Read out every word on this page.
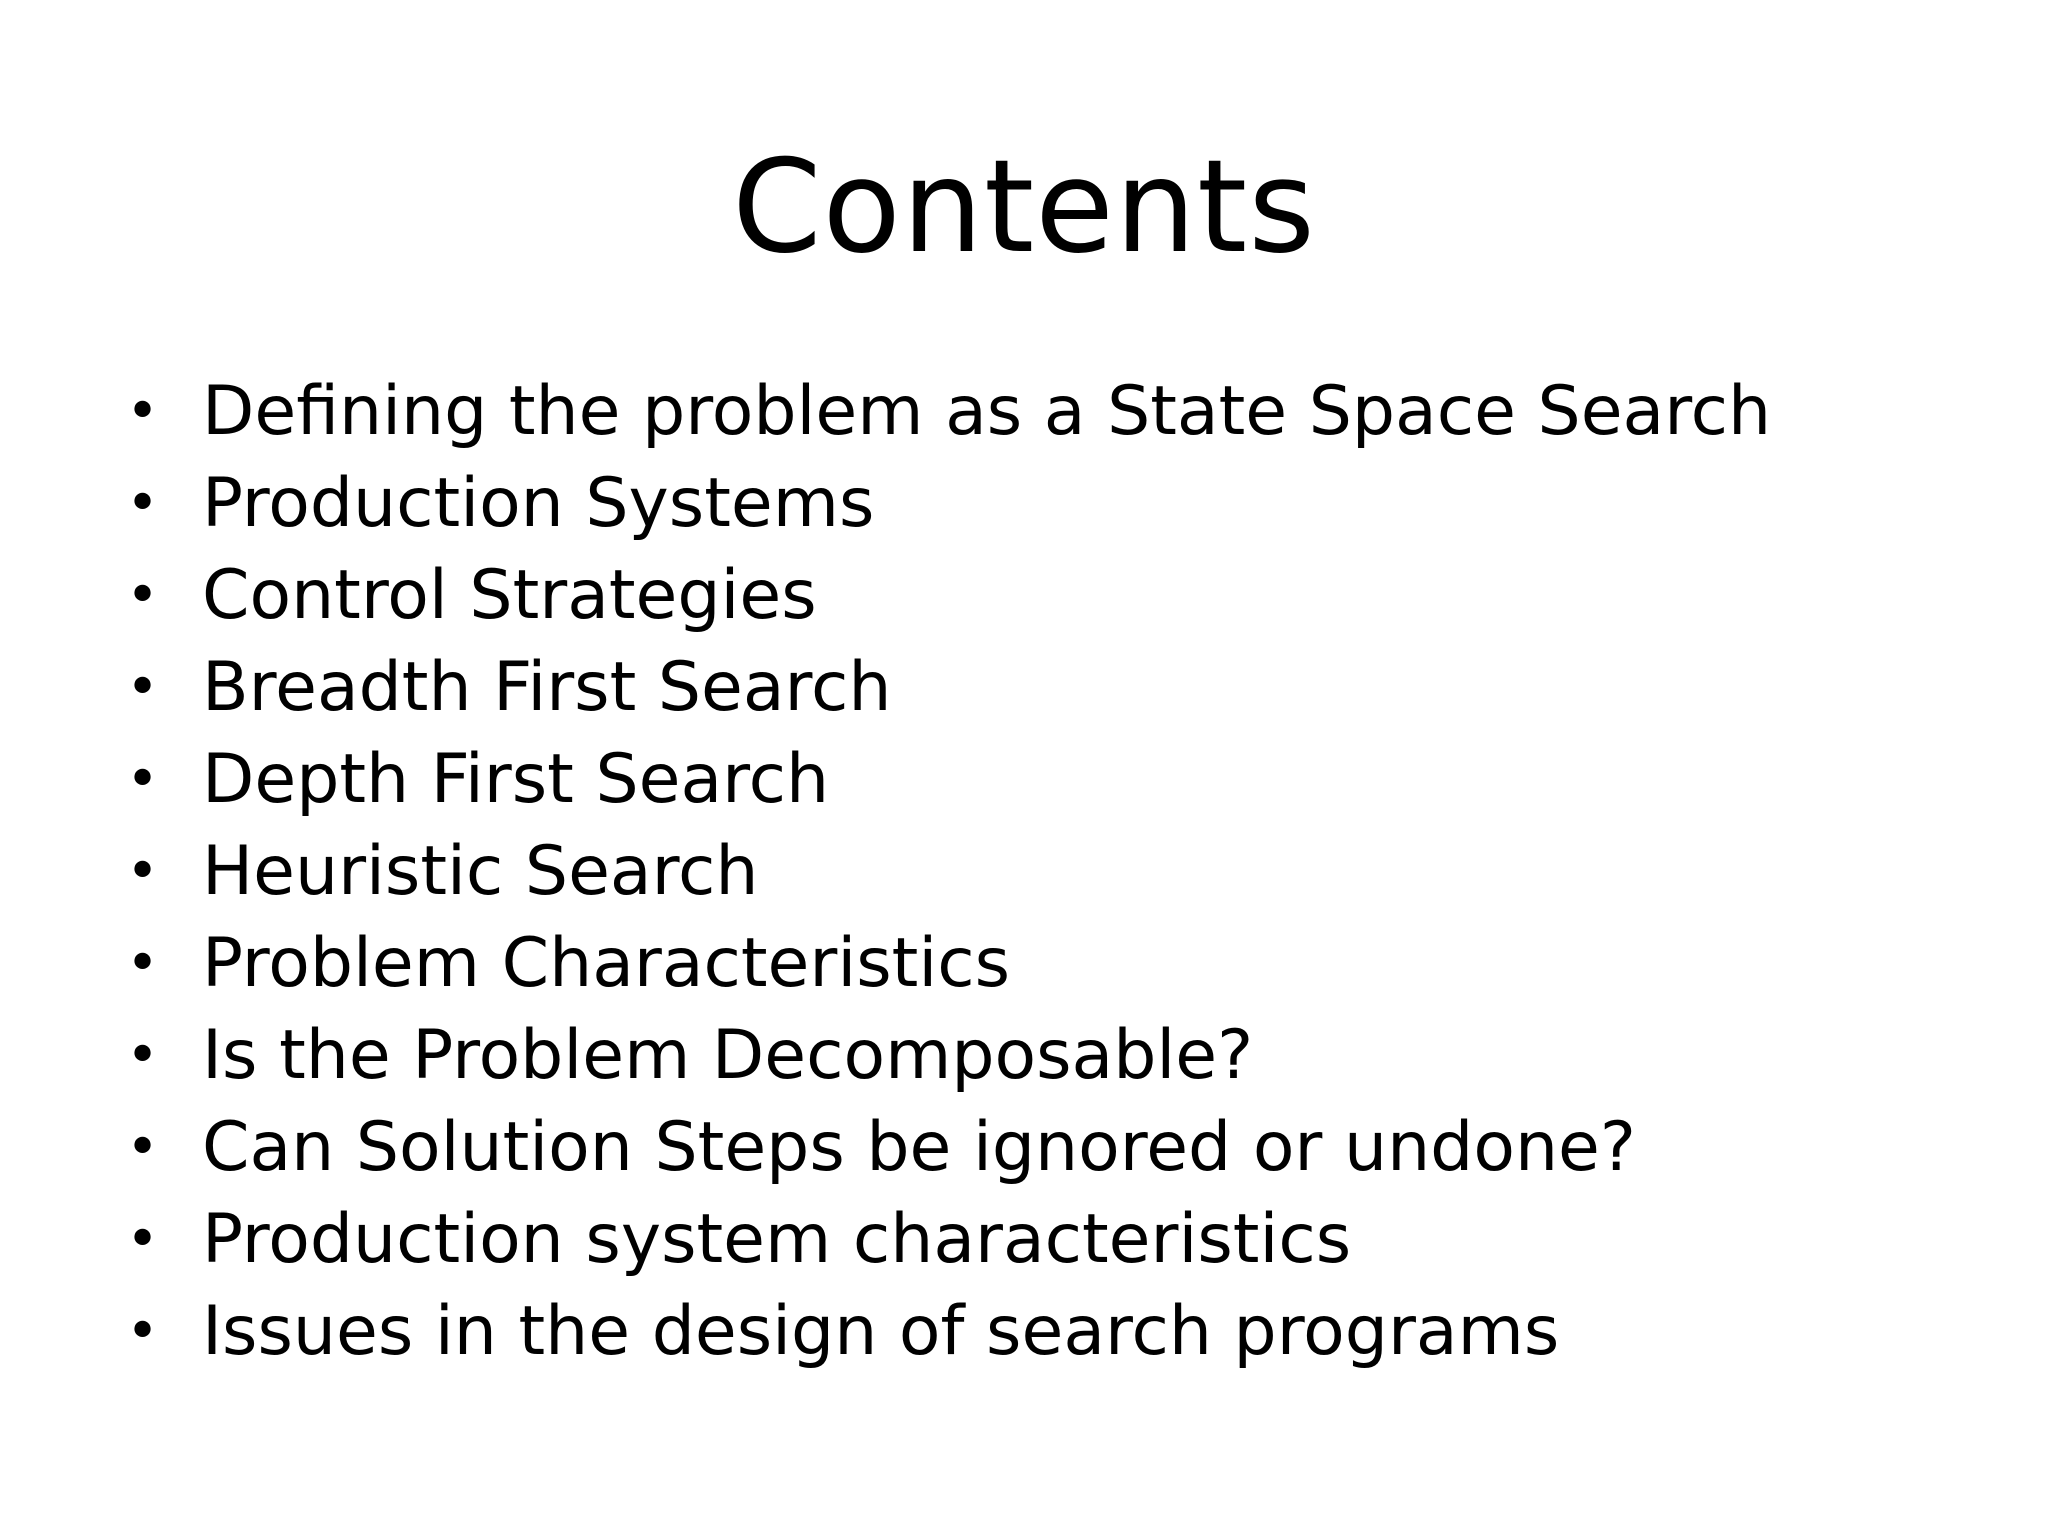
Contents
• Defining the problem as a State Space Search
• Production Systems
• Control Strategies
• Breadth First Search
• Depth First Search
• Heuristic Search
• Problem Characteristics
• Is the Problem Decomposable?
• Can Solution Steps be ignored or undone?
• Production system characteristics
• Issues in the design of search programs
